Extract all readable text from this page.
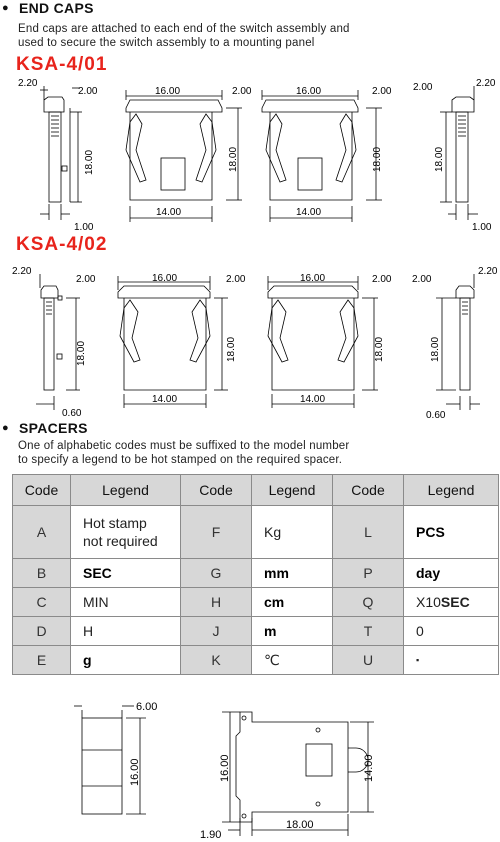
● END CAPS
End caps are attached to each end of the switch assembly and
used to secure the switch assembly to a mounting panel
KSA-4/01
KSA-4/02
2.20
2.00
18.00
1.00
16.00	2.00
18.00
14.00
16.00	2.00
18.00
14.00
2.00	2.20
18.00
1.00
2.20
2.00
18.00
0.60
16.00	2.00
18.00
14.00
16.00	2.00
18.00
14.00
2.00
2.20
18.00
0.60
● SPACERS
One of alphabetic codes must be suffixed to the model number
to specify a legend to be hot stamped on the required spacer.
Code	Legend	Code	Legend	Code	Legend
A	Hot stamp
not required	F	Kg	L	PCS
B	SEC	G	mm	P	day
C	MIN	H	cm	Q	X10SEC
D	H	J	m	T	0
E	g	K	℃	U	▪
6.00
16.00	16.00	14.00
1.90
18.00
